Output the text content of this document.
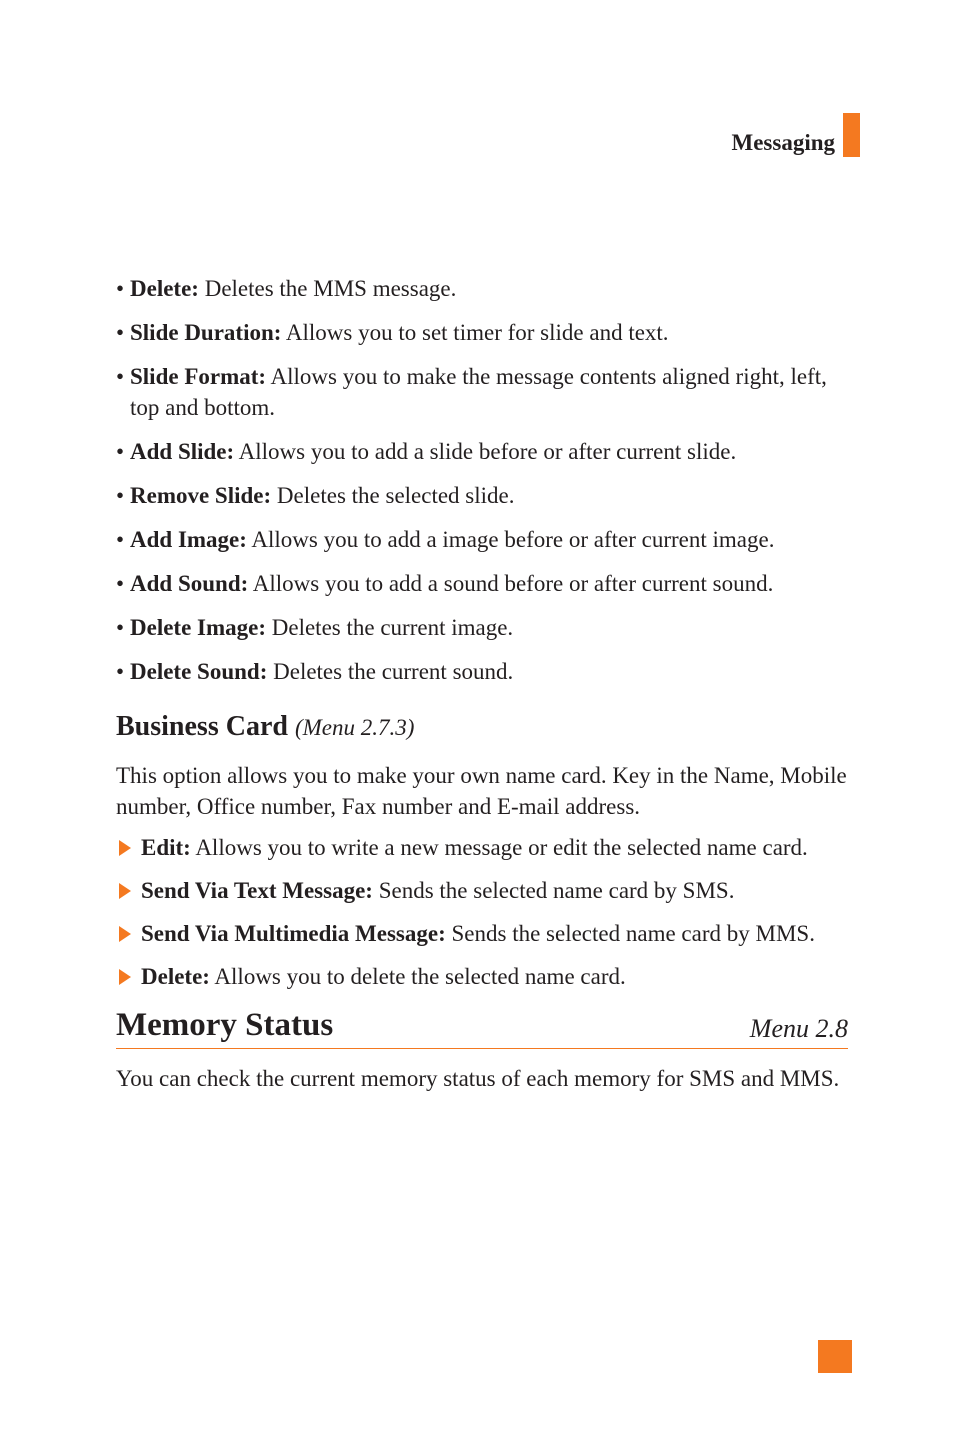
Messaging
• Delete: Deletes the MMS message.
• Slide Duration: Allows you to set timer for slide and text.
• Slide Format: Allows you to make the message contents aligned right, left, top and bottom.
• Add Slide: Allows you to add a slide before or after current slide.
• Remove Slide: Deletes the selected slide.
• Add Image: Allows you to add a image before or after current image.
• Add Sound: Allows you to add a sound before or after current sound.
• Delete Image: Deletes the current image.
• Delete Sound: Deletes the current sound.
Business Card (Menu 2.7.3)

This option allows you to make your own name card. Key in the Name, Mobile number, Office number, Fax number and E-mail address.

Edit: Allows you to write a new message or edit the selected name card.
Send Via Text Message: Sends the selected name card by SMS.
Send Via Multimedia Message: Sends the selected name card by MMS.
Delete: Allows you to delete the selected name card.
Memory Status	Menu 2.8

You can check the current memory status of each memory for SMS and MMS.
